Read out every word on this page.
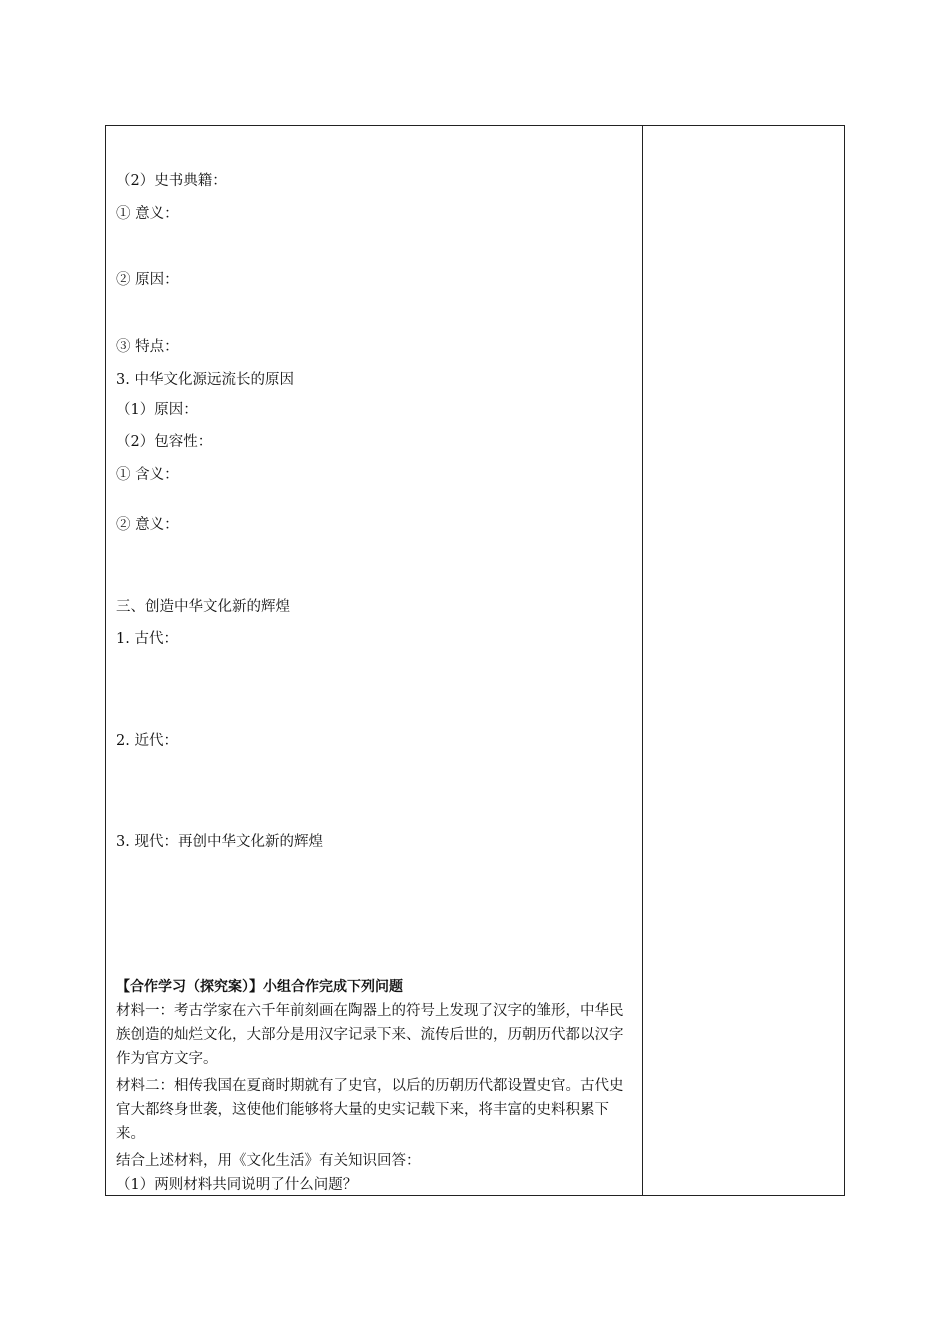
（2）史书典籍：
① 意义：
② 原因：
③ 特点：
3. 中华文化源远流长的原因
（1）原因：
（2）包容性：
① 含义：
② 意义：
三、创造中华文化新的辉煌
1. 古代：
2. 近代：
3. 现代：再创中华文化新的辉煌
【合作学习（探究案）】小组合作完成下列问题
材料一：考古学家在六千年前刻画在陶器上的符号上发现了汉字的雏形，中华民族创造的灿烂文化，大部分是用汉字记录下来、流传后世的，历朝历代都以汉字作为官方文字。
材料二：相传我国在夏商时期就有了史官，以后的历朝历代都设置史官。古代史官大都终身世袭，这使他们能够将大量的史实记载下来，将丰富的史料积累下来。
结合上述材料，用《文化生活》有关知识回答：
（1）两则材料共同说明了什么问题？
